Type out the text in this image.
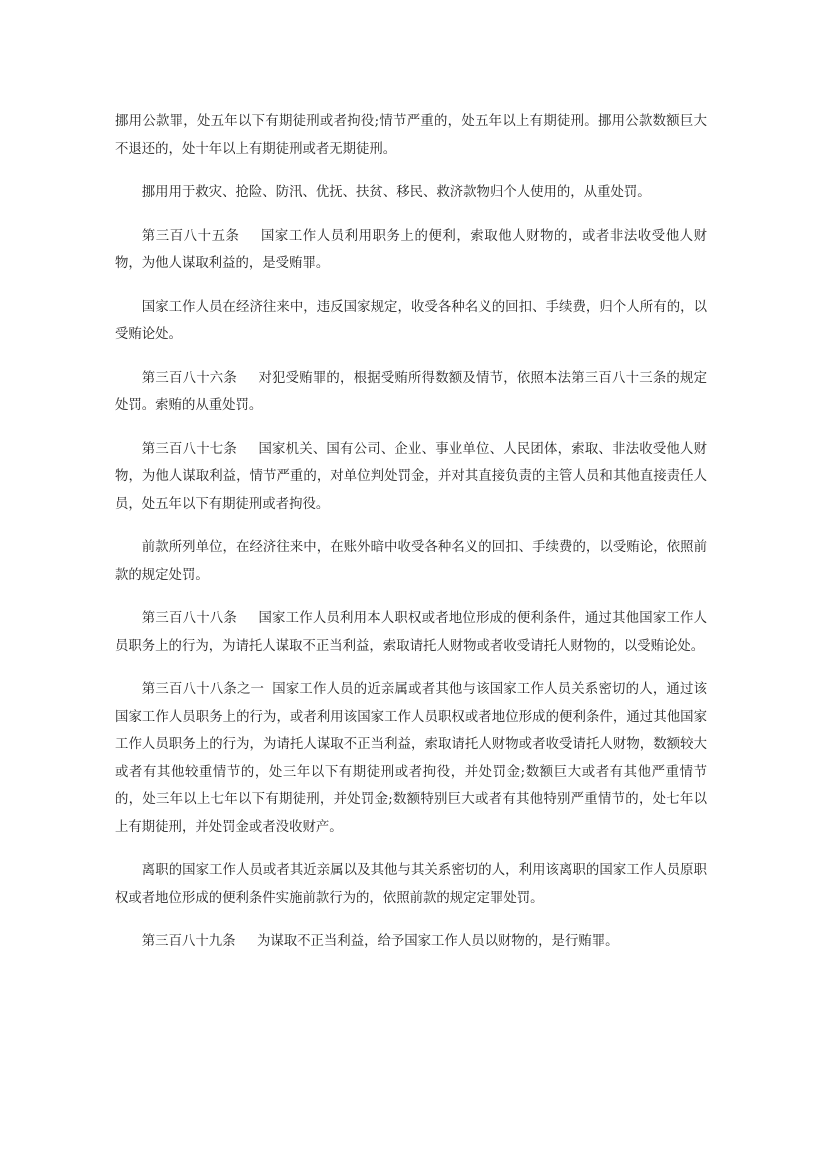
挪用公款罪，处五年以下有期徒刑或者拘役;情节严重的，处五年以上有期徒刑。挪用公款数额巨大不退还的，处十年以上有期徒刑或者无期徒刑。

挪用用于救灾、抢险、防汛、优抚、扶贫、移民、救济款物归个人使用的，从重处罚。

第三百八十五条 国家工作人员利用职务上的便利，索取他人财物的，或者非法收受他人财物，为他人谋取利益的，是受贿罪。

国家工作人员在经济往来中，违反国家规定，收受各种名义的回扣、手续费，归个人所有的，以受贿论处。

第三百八十六条 对犯受贿罪的，根据受贿所得数额及情节，依照本法第三百八十三条的规定处罚。索贿的从重处罚。

第三百八十七条 国家机关、国有公司、企业、事业单位、人民团体，索取、非法收受他人财物，为他人谋取利益，情节严重的，对单位判处罚金，并对其直接负责的主管人员和其他直接责任人员，处五年以下有期徒刑或者拘役。

前款所列单位，在经济往来中，在账外暗中收受各种名义的回扣、手续费的，以受贿论，依照前款的规定处罚。

第三百八十八条 国家工作人员利用本人职权或者地位形成的便利条件，通过其他国家工作人员职务上的行为，为请托人谋取不正当利益，索取请托人财物或者收受请托人财物的，以受贿论处。

第三百八十八条之一 国家工作人员的近亲属或者其他与该国家工作人员关系密切的人，通过该国家工作人员职务上的行为，或者利用该国家工作人员职权或者地位形成的便利条件，通过其他国家工作人员职务上的行为，为请托人谋取不正当利益，索取请托人财物或者收受请托人财物，数额较大或者有其他较重情节的，处三年以下有期徒刑或者拘役，并处罚金;数额巨大或者有其他严重情节的，处三年以上七年以下有期徒刑，并处罚金;数额特别巨大或者有其他特别严重情节的，处七年以上有期徒刑，并处罚金或者没收财产。

离职的国家工作人员或者其近亲属以及其他与其关系密切的人，利用该离职的国家工作人员原职权或者地位形成的便利条件实施前款行为的，依照前款的规定定罪处罚。

第三百八十九条 为谋取不正当利益，给予国家工作人员以财物的，是行贿罪。
